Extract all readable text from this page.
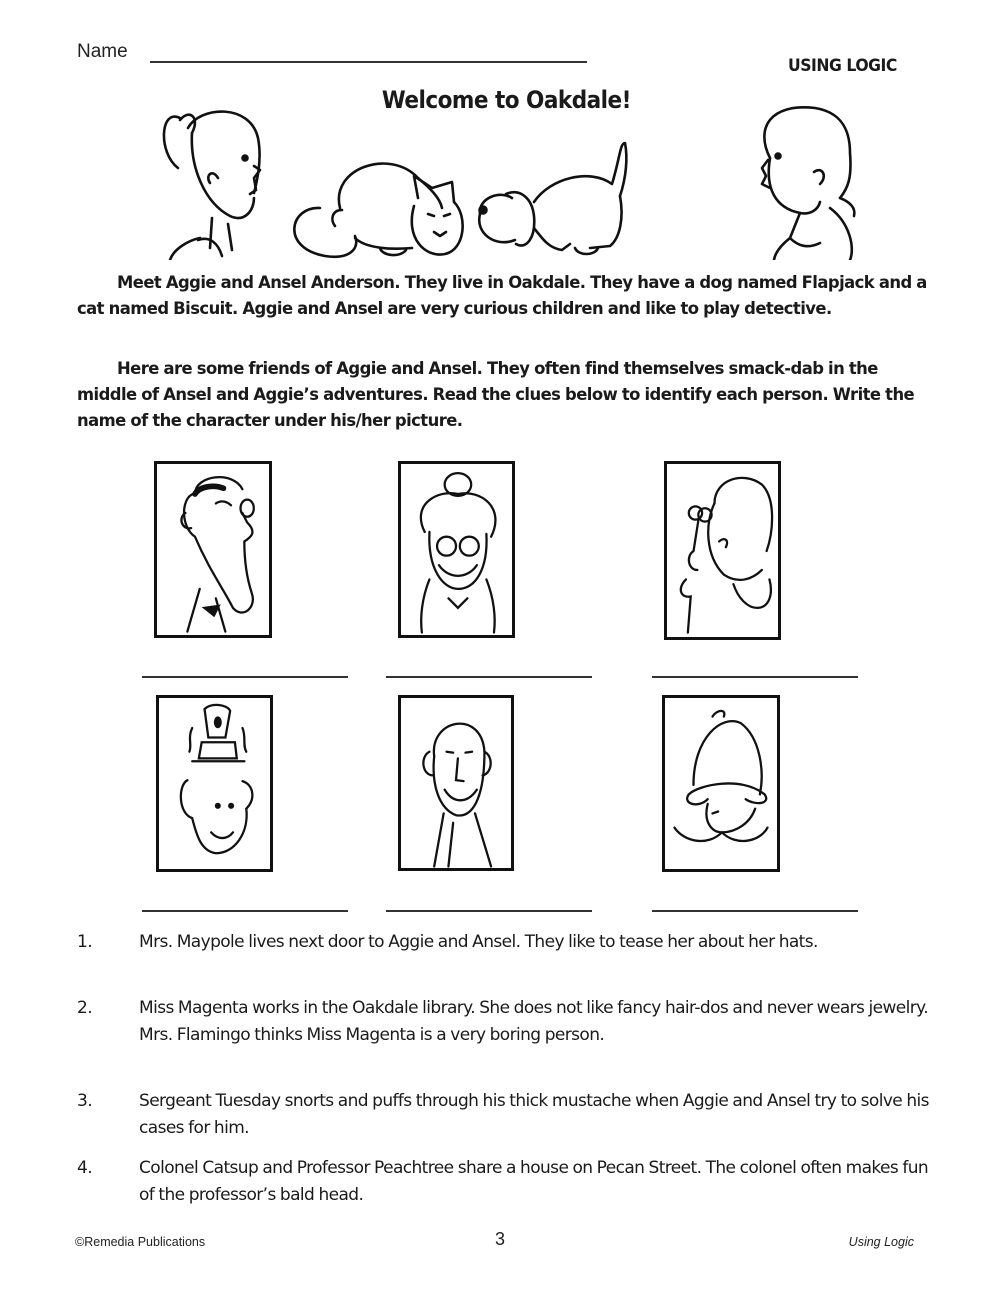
Name
USING LOGIC
Welcome to Oakdale!
Meet Aggie and Ansel Anderson. They live in Oakdale. They have a dog named Flapjack and a cat named Biscuit. Aggie and Ansel are very curious children and like to play detective.
Here are some friends of Aggie and Ansel. They often find themselves smack-dab in the middle of Ansel and Aggie’s adventures. Read the clues below to identify each person. Write the name of the character under his/her picture.
1.	Mrs. Maypole lives next door to Aggie and Ansel. They like to tease her about her hats.
2.	Miss Magenta works in the Oakdale library. She does not like fancy hair-dos and never wears jewelry. Mrs. Flamingo thinks Miss Magenta is a very boring person.
3.	Sergeant Tuesday snorts and puffs through his thick mustache when Aggie and Ansel try to solve his cases for him.
4.	Colonel Catsup and Professor Peachtree share a house on Pecan Street. The colonel often makes fun of the professor’s bald head.
©Remedia Publications	3	Using Logic
